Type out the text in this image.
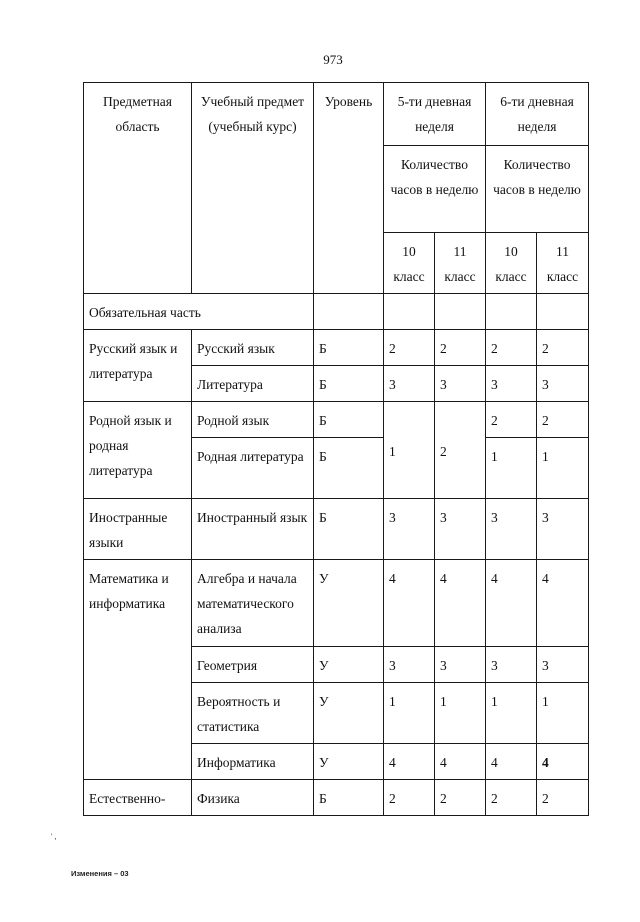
973
Предметная область	Учебный предмет (учебный курс)	Уровень	5-ти дневная неделя		6-ти дневная неделя	
			Количество часов в неделю		Количество часов в неделю	
			10 класс	11 класс	10 класс	11 класс
Обязательная часть						
Русский язык и литература	Русский язык	Б	2	2	2	2
	Литература	Б	3	3	3	3
Родной язык и родная литература	Родной язык	Б	1	2	2	2
	Родная литература	Б			1	1
Иностранные языки	Иностранный язык	Б	3	3	3	3
Математика и информатика	Алгебра и начала математического анализа	У	4	4	4	4
	Геометрия	У	3	3	3	3
	Вероятность и статистика	У	1	1	1	1
	Информатика	У	4	4	4	4
Естественно-	Физика	Б	2	2	2	2
' ,
Изменения – 03
